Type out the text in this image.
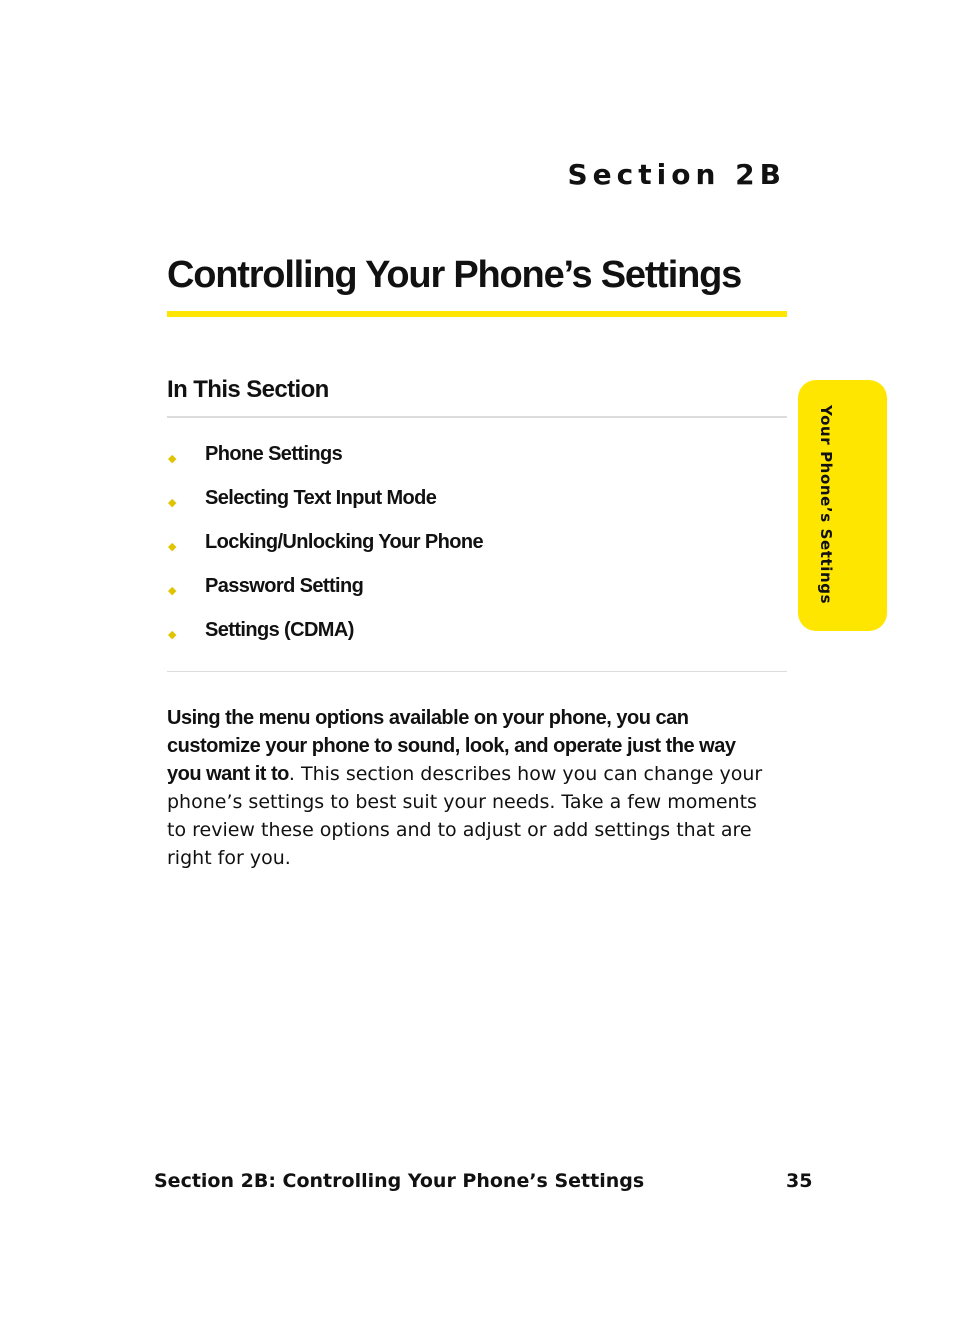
Section 2B
Controlling Your Phone’s Settings
Your Phone’s Settings
In This Section
◆	Phone Settings
◆	Selecting Text Input Mode
◆	Locking/Unlocking Your Phone
◆	Password Setting
◆	Settings (CDMA)

Using the menu options available on your phone, you can customize your phone to sound, look, and operate just the way you want it to. This section describes how you can change your phone’s settings to best suit your needs. Take a few moments to review these options and to adjust or add settings that are right for you.

Section 2B: Controlling Your Phone’s Settings	35
